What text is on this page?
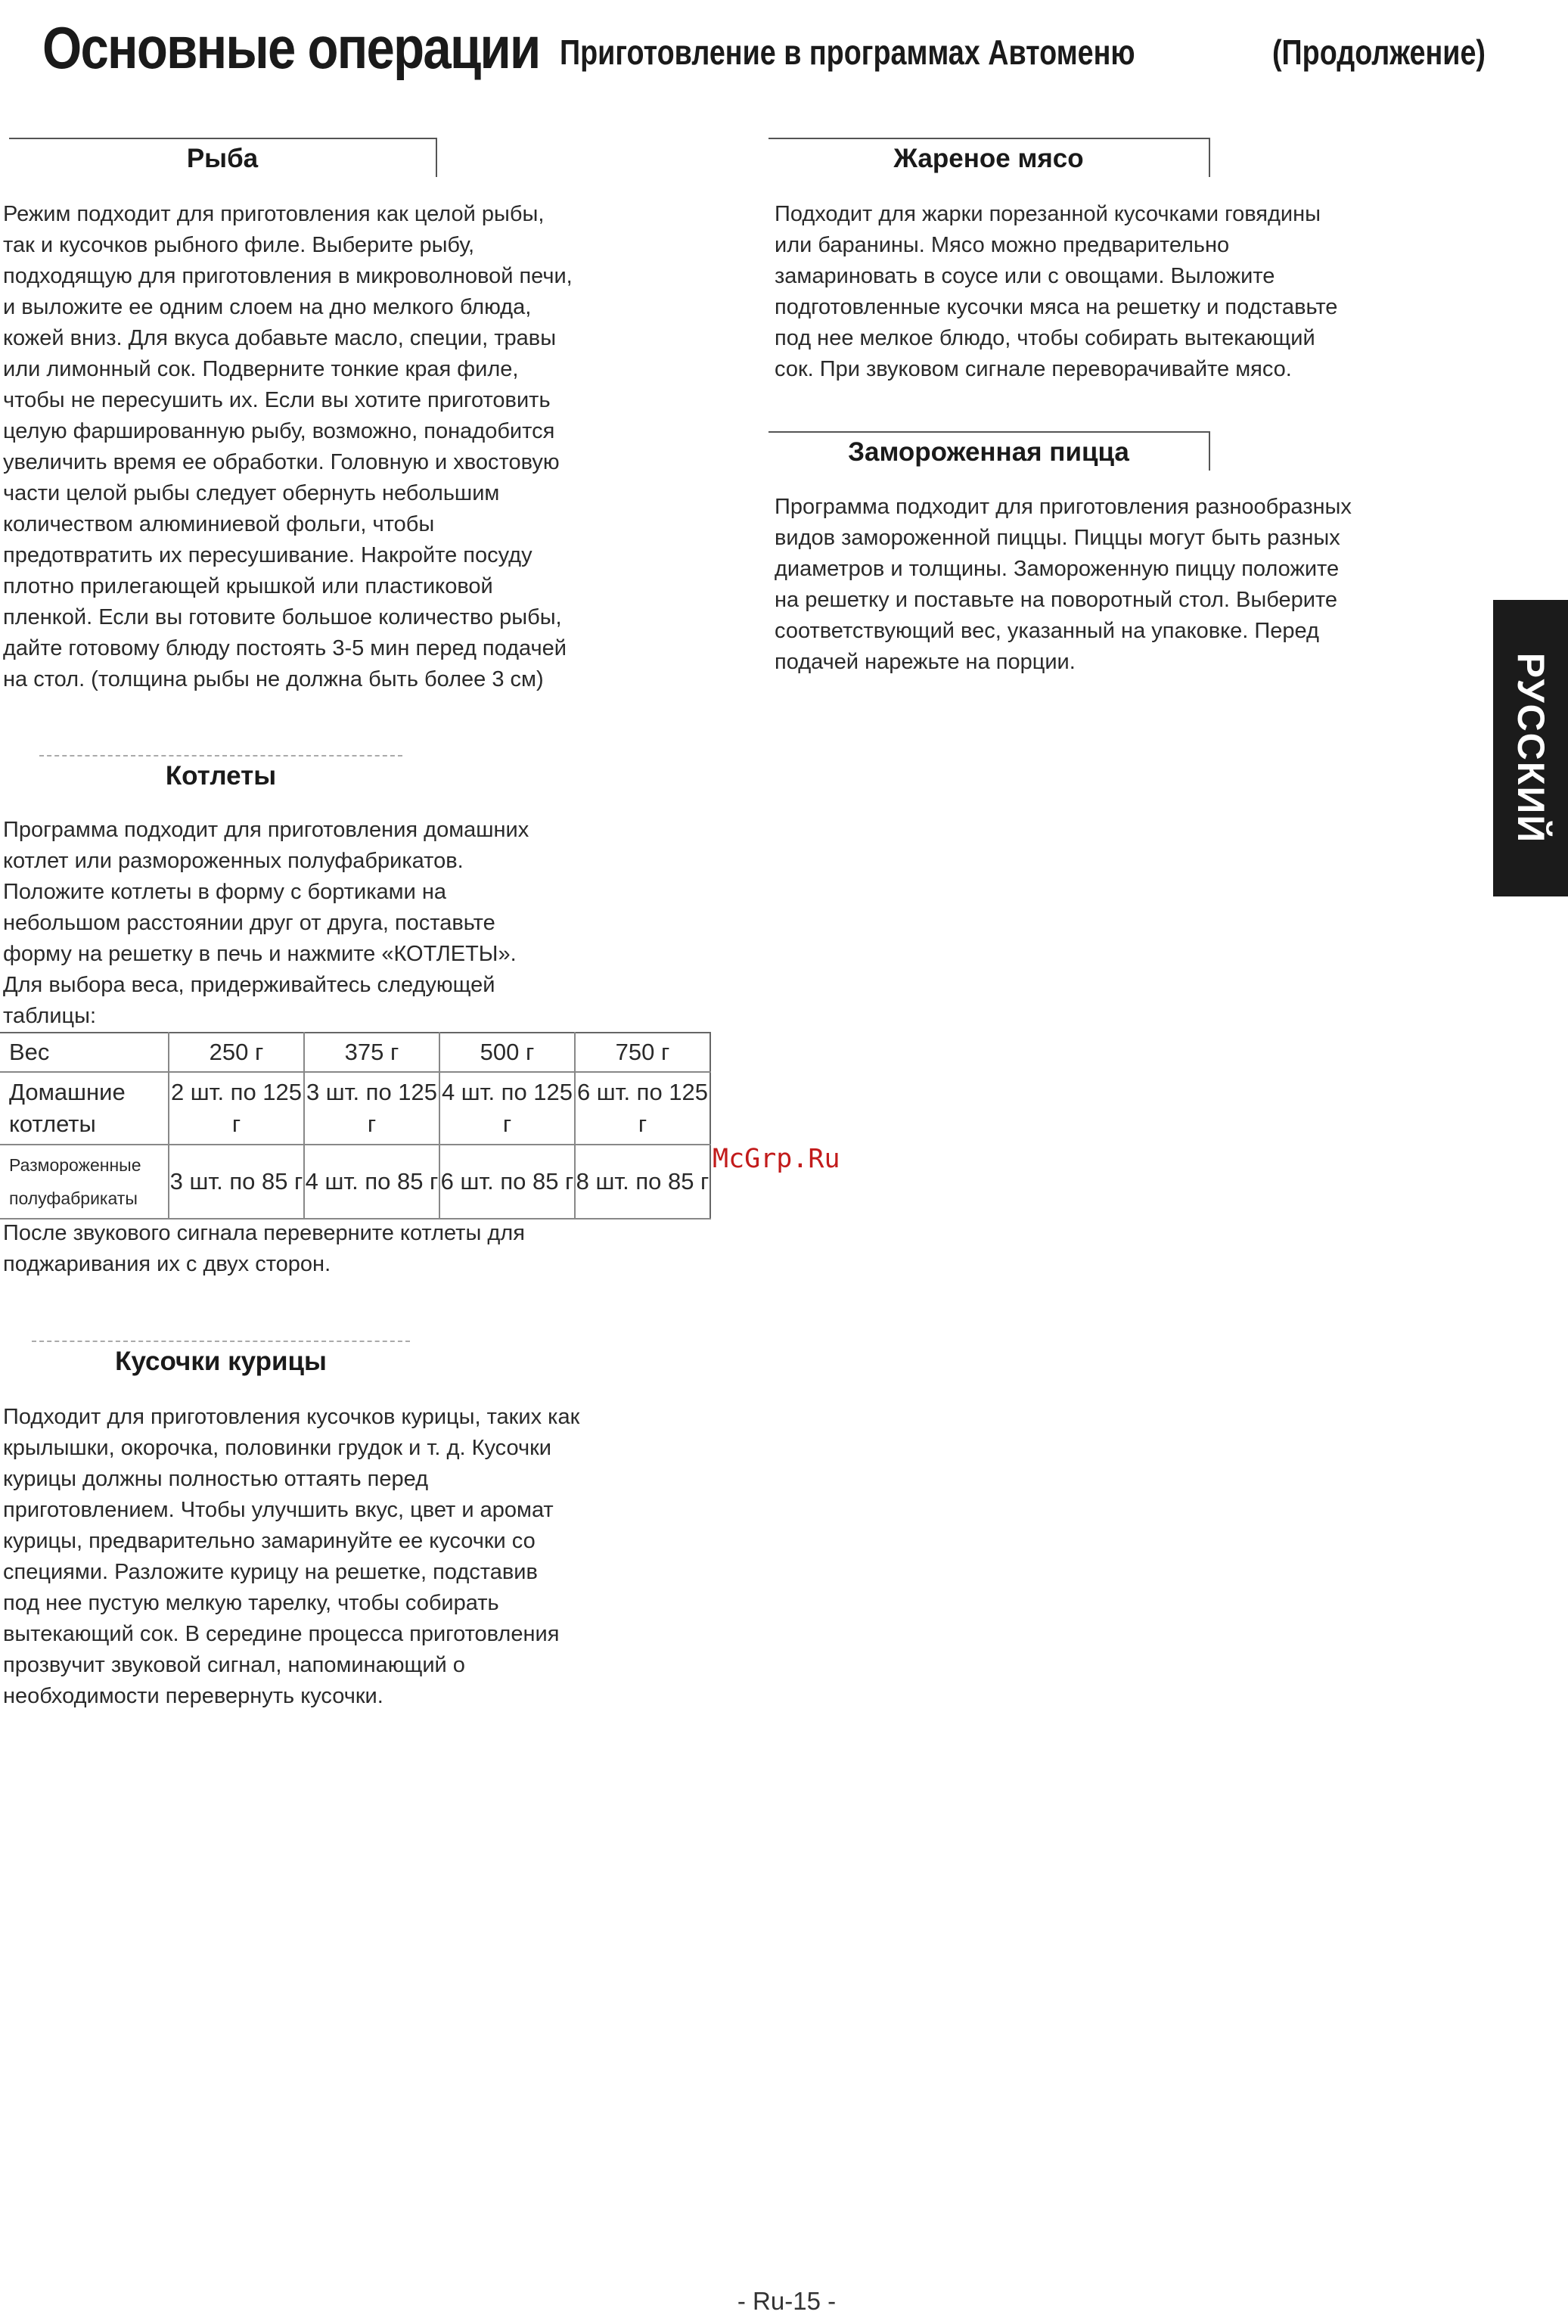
Основные операции Приготовление в программах Автоменю	(Продолжение)
Рыба
Режим подходит для приготовления как целой рыбы,
так и кусочков рыбного филе. Выберите рыбу,
подходящую для приготовления в микроволновой печи,
и выложите ее одним слоем на дно мелкого блюда,
кожей вниз. Для вкуса добавьте масло, специи, травы
или лимонный сок. Подверните тонкие края филе,
чтобы не пересушить их. Если вы хотите приготовить
целую фаршированную рыбу, возможно, понадобится
увеличить время ее обработки. Головную и хвостовую
части целой рыбы следует обернуть небольшим
количеством алюминиевой фольги, чтобы
предотвратить их пересушивание. Накройте посуду
плотно прилегающей крышкой или пластиковой
пленкой. Если вы готовите большое количество рыбы,
дайте готовому блюду постоять 3-5 мин перед подачей
на стол. (толщина рыбы не должна быть более 3 см)
Котлеты
Программа подходит для приготовления домашних
котлет или размороженных полуфабрикатов.
Положите котлеты в форму с бортиками на
небольшом расстоянии друг от друга, поставьте
форму на решетку в печь и нажмите «КОТЛЕТЫ».
Для выбора веса, придерживайтесь следующей
таблицы:
Вес	250 г	375 г	500 г	750 г
Домашние котлеты	2 шт. по 125 г	3 шт. по 125 г	4 шт. по 125 г	6 шт. по 125 г
Размороженные полуфабрикаты	3 шт. по 85 г	4 шт. по 85 г	6 шт. по 85 г	8 шт. по 85 г
После звукового сигнала переверните котлеты для
поджаривания их с двух сторон.
Кусочки курицы
Подходит для приготовления кусочков курицы, таких как
крылышки, окорочка, половинки грудок и т. д. Кусочки
курицы должны полностью оттаять перед
приготовлением. Чтобы улучшить вкус, цвет и аромат
курицы, предварительно замаринуйте ее кусочки со
специями. Разложите курицу на решетке, подставив
под нее пустую мелкую тарелку, чтобы собирать
вытекающий сок. В середине процесса приготовления
прозвучит звуковой сигнал, напоминающий о
необходимости перевернуть кусочки.
Жареное мясо
Подходит для жарки порезанной кусочками говядины
или баранины. Мясо можно предварительно
замариновать в соусе или с овощами. Выложите
подготовленные кусочки мяса на решетку и подставьте
под нее мелкое блюдо, чтобы собирать вытекающий
сок. При звуковом сигнале переворачивайте мясо.
Замороженная пицца
Программа подходит для приготовления разнообразных
видов замороженной пиццы. Пиццы могут быть разных
диаметров и толщины. Замороженную пиццу положите
на решетку и поставьте на поворотный стол. Выберите
соответствующий вес, указанный на упаковке. Перед
подачей нарежьте на порции.	РУССКИЙ
McGrp.Ru
- Ru-15 -
